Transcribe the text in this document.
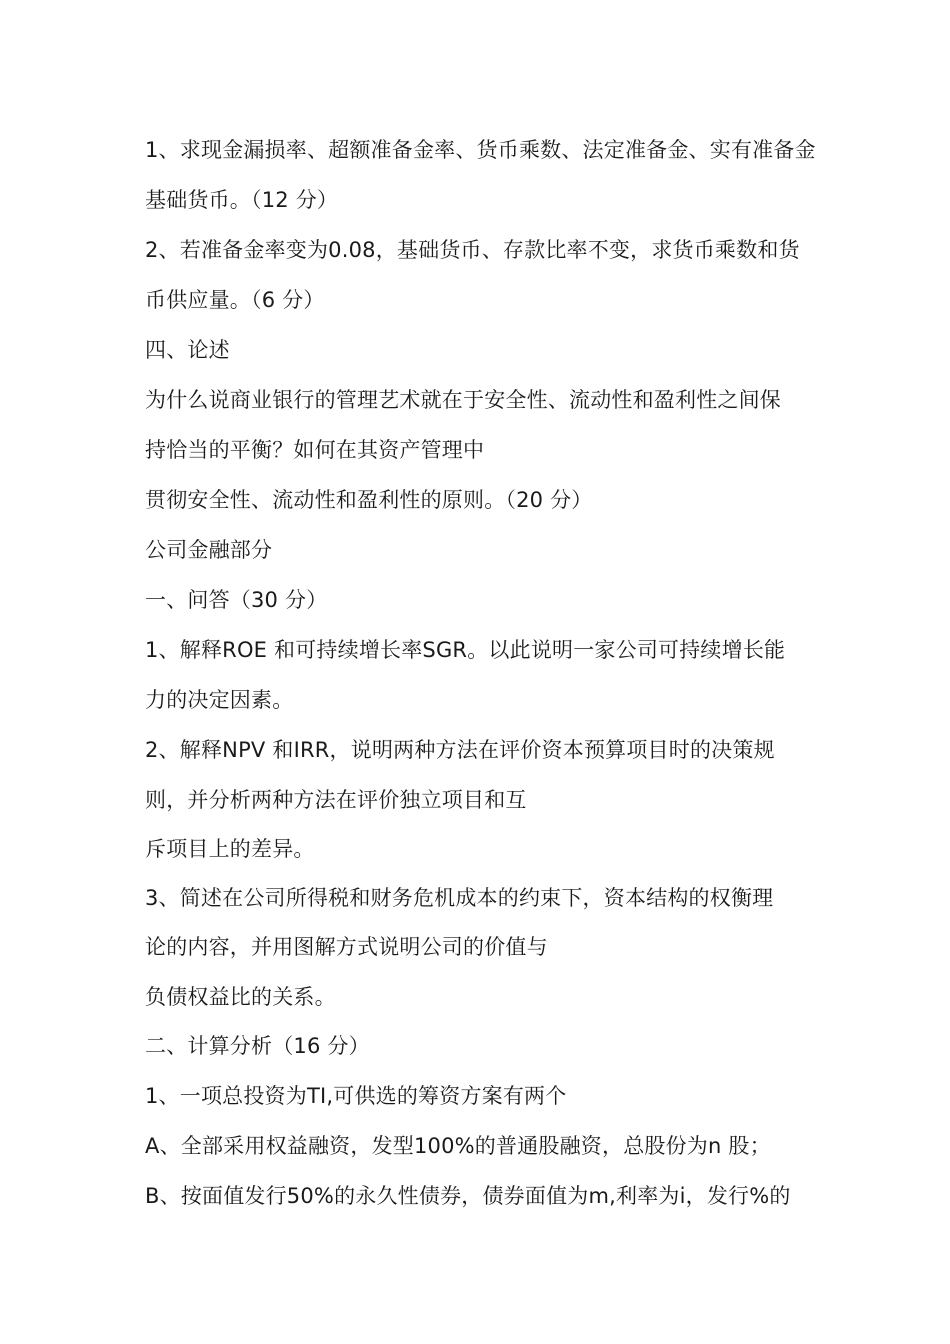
1、求现金漏损率、超额准备金率、货币乘数、法定准备金、实有准备金
基础货币。（12 分）
2、若准备金率变为0.08，基础货币、存款比率不变，求货币乘数和货
币供应量。（6 分）
四、论述
为什么说商业银行的管理艺术就在于安全性、流动性和盈利性之间保
持恰当的平衡？如何在其资产管理中
贯彻安全性、流动性和盈利性的原则。（20 分）
公司金融部分
一、问答（30 分）
1、解释ROE 和可持续增长率SGR。以此说明一家公司可持续增长能
力的决定因素。
2、解释NPV 和IRR，说明两种方法在评价资本预算项目时的决策规
则，并分析两种方法在评价独立项目和互
斥项目上的差异。
3、简述在公司所得税和财务危机成本的约束下，资本结构的权衡理
论的内容，并用图解方式说明公司的价值与
负债权益比的关系。
二、计算分析（16 分）
1、一项总投资为TI,可供选的筹资方案有两个
A、全部采用权益融资，发型100%的普通股融资，总股份为n 股；
B、按面值发行50%的永久性债券，债券面值为m,利率为i，发行%的
